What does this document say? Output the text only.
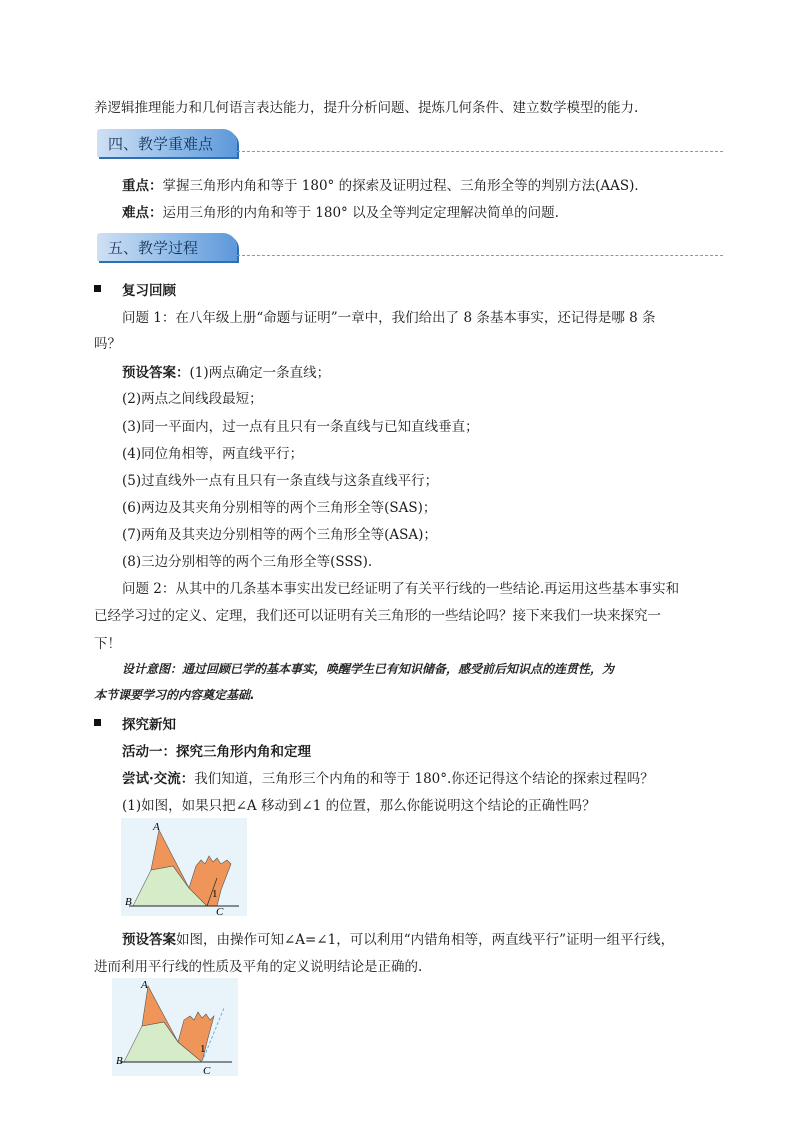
养逻辑推理能力和几何语言表达能力，提升分析问题、提炼几何条件、建立数学模型的能力.
四、教学重难点
重点：掌握三角形内角和等于 180° 的探索及证明过程、三角形全等的判别方法(AAS)．
难点：运用三角形的内角和等于 180° 以及全等判定定理解决简单的问题.
五、教学过程
复习回顾
问题 1：在八年级上册“命题与证明”一章中，我们给出了 8 条基本事实，还记得是哪 8 条
吗？
预设答案：(1)两点确定一条直线；
(2)两点之间线段最短；
(3)同一平面内，过一点有且只有一条直线与已知直线垂直；
(4)同位角相等，两直线平行；
(5)过直线外一点有且只有一条直线与这条直线平行；
(6)两边及其夹角分别相等的两个三角形全等(SAS)；
(7)两角及其夹边分别相等的两个三角形全等(ASA)；
(8)三边分别相等的两个三角形全等(SSS).
问题 2：从其中的几条基本事实出发已经证明了有关平行线的一些结论.再运用这些基本事实和
已经学习过的定义、定理，我们还可以证明有关三角形的一些结论吗？接下来我们一块来探究一
下！
设计意图：通过回顾已学的基本事实，唤醒学生已有知识储备，感受前后知识点的连贯性，为
本节课要学习的内容奠定基础.
探究新知
活动一：探究三角形内角和定理
尝试·交流：我们知道，三角形三个内角的和等于 180°.你还记得这个结论的探索过程吗？
(1)如图，如果只把∠A 移动到∠1 的位置，那么你能说明这个结论的正确性吗？
A
B
C
1
预设答案如图，由操作可知∠A=∠1，可以利用“内错角相等，两直线平行”证明一组平行线，
进而利用平行线的性质及平角的定义说明结论是正确的.
A
B
C
1
